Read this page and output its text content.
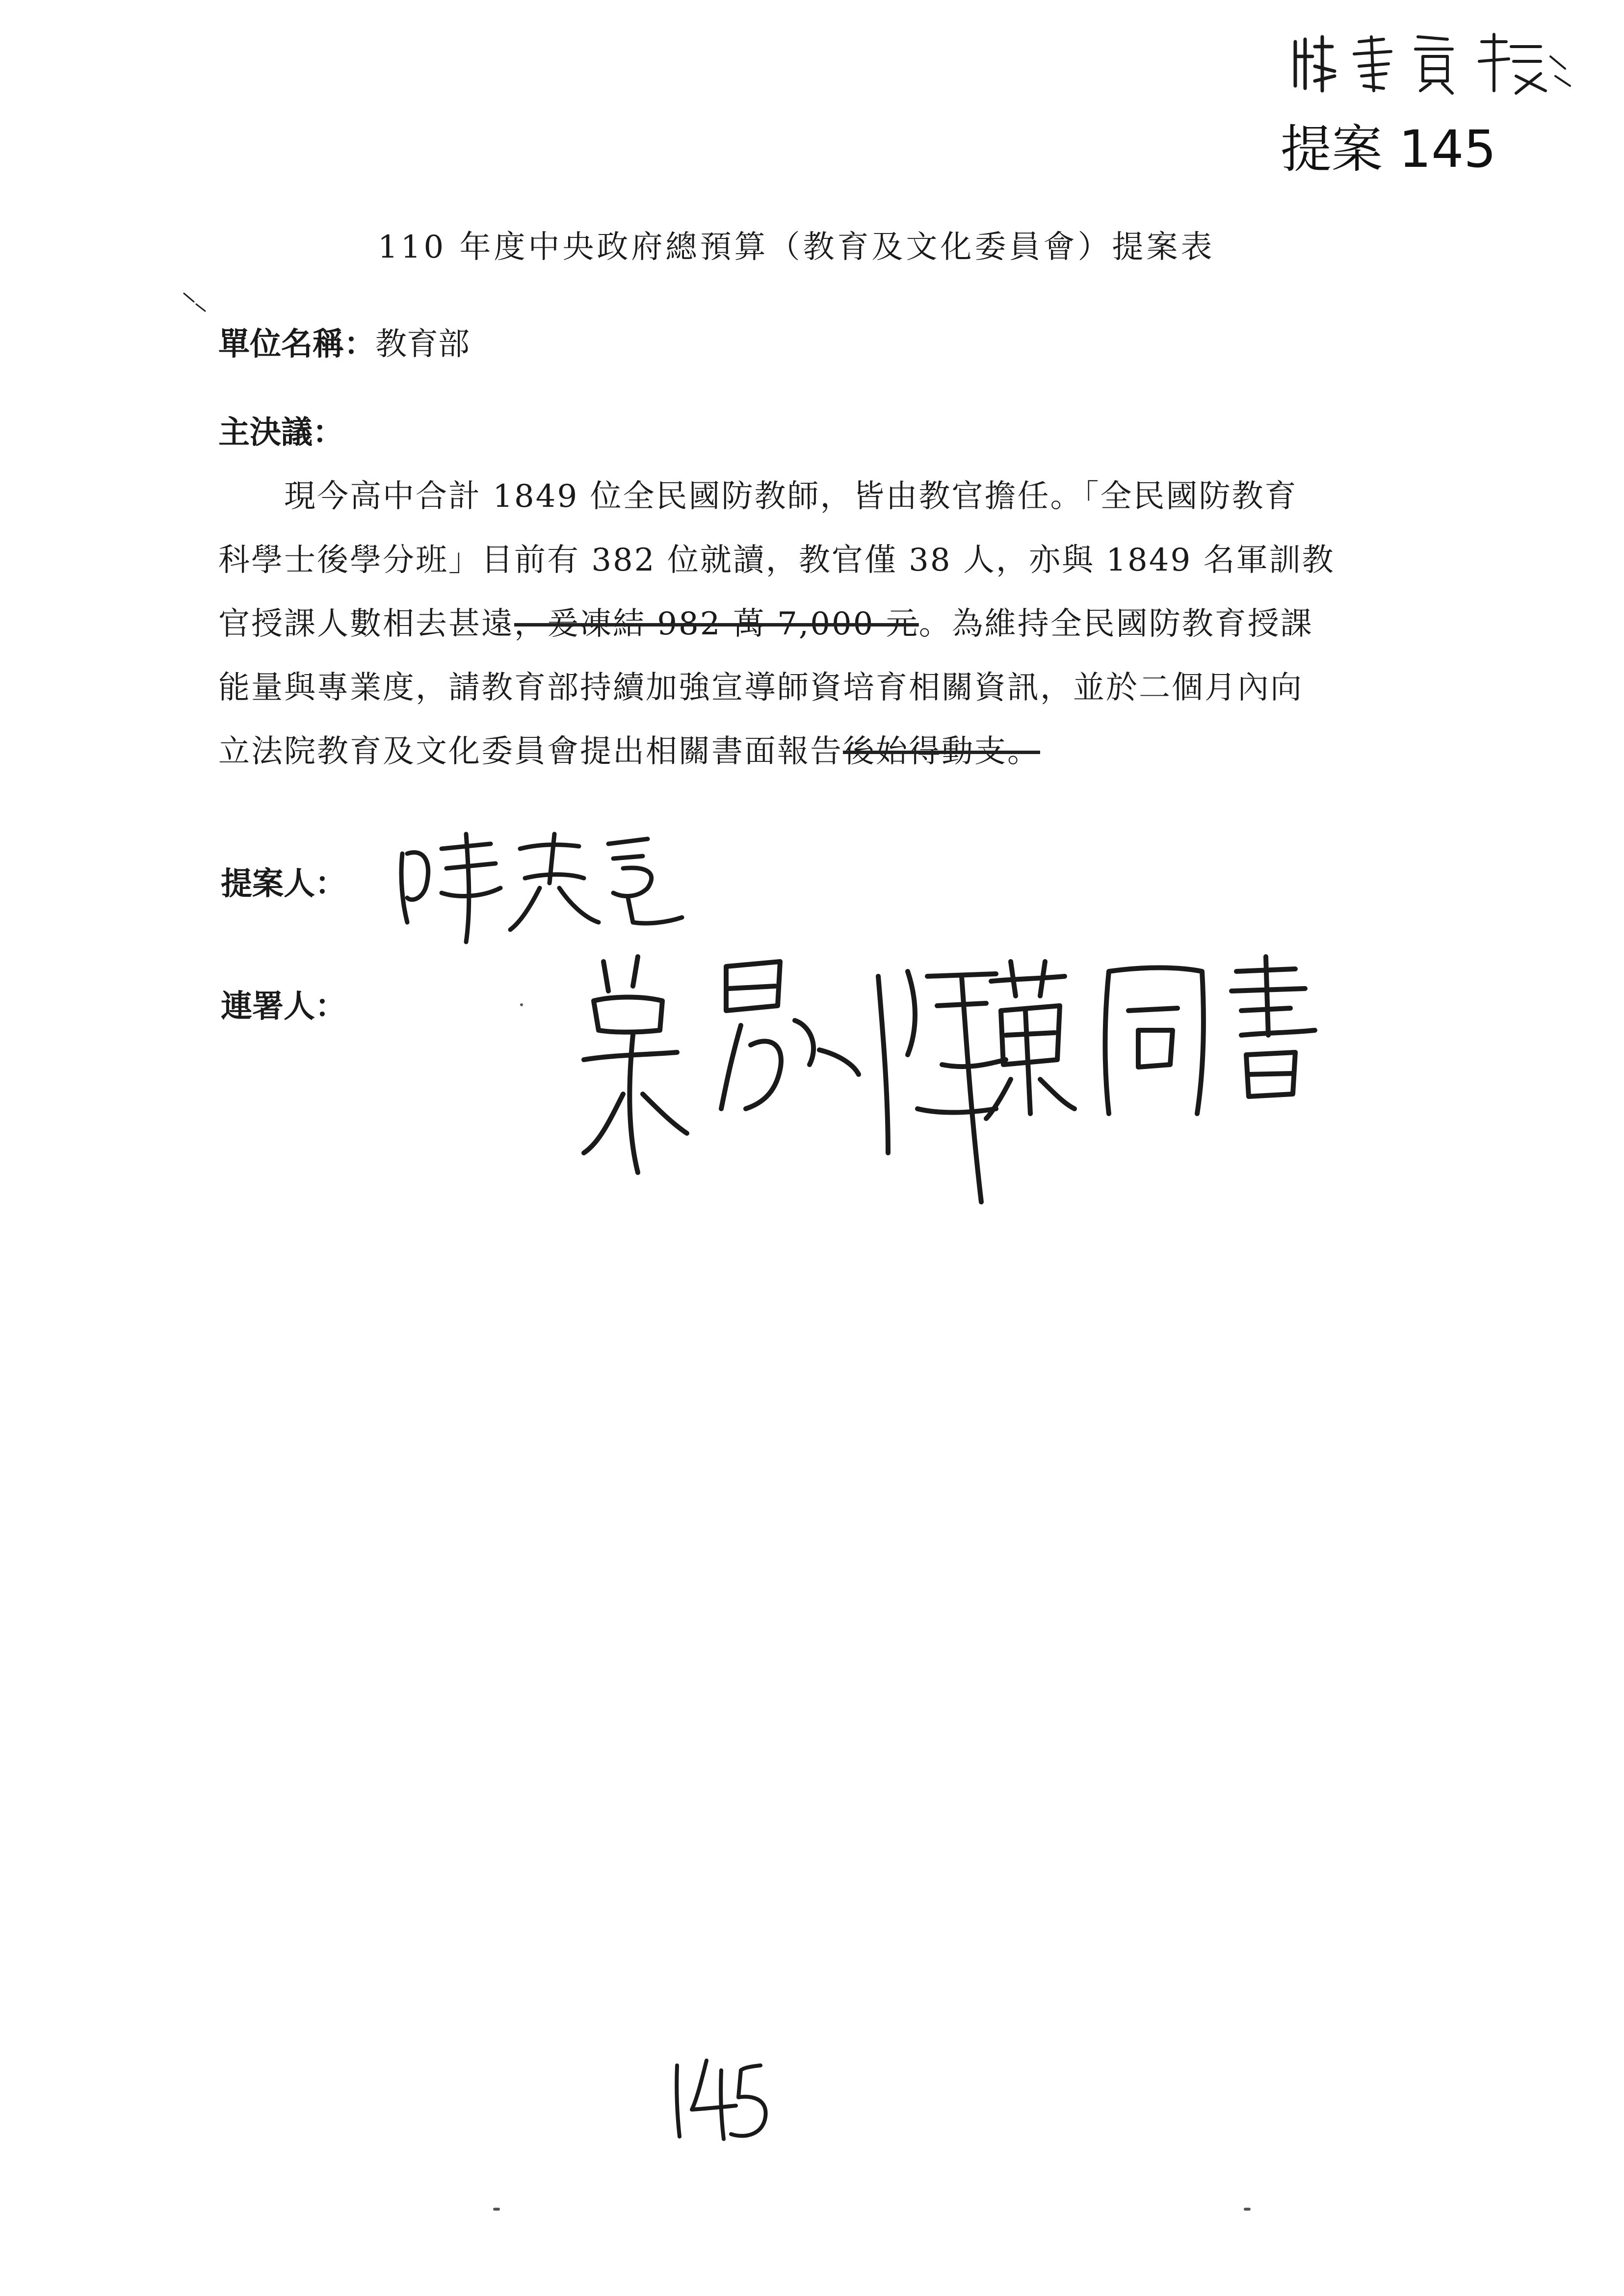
提案 145
110 年度中央政府總預算（教育及文化委員會）提案表
單位名稱：教育部
主決議：
　　現今高中合計 1849 位全民國防教師，皆由教官擔任。「全民國防教育
科學士後學分班」目前有 382 位就讀，教官僅 38 人，亦與 1849 名軍訓教
官授課人數相去甚遠，爰凍結 982 萬 7,000 元。為維持全民國防教育授課
能量與專業度，請教育部持續加強宣導師資培育相關資訊，並於二個月內向
立法院教育及文化委員會提出相關書面報告後始得動支。
提案人：
連署人：
